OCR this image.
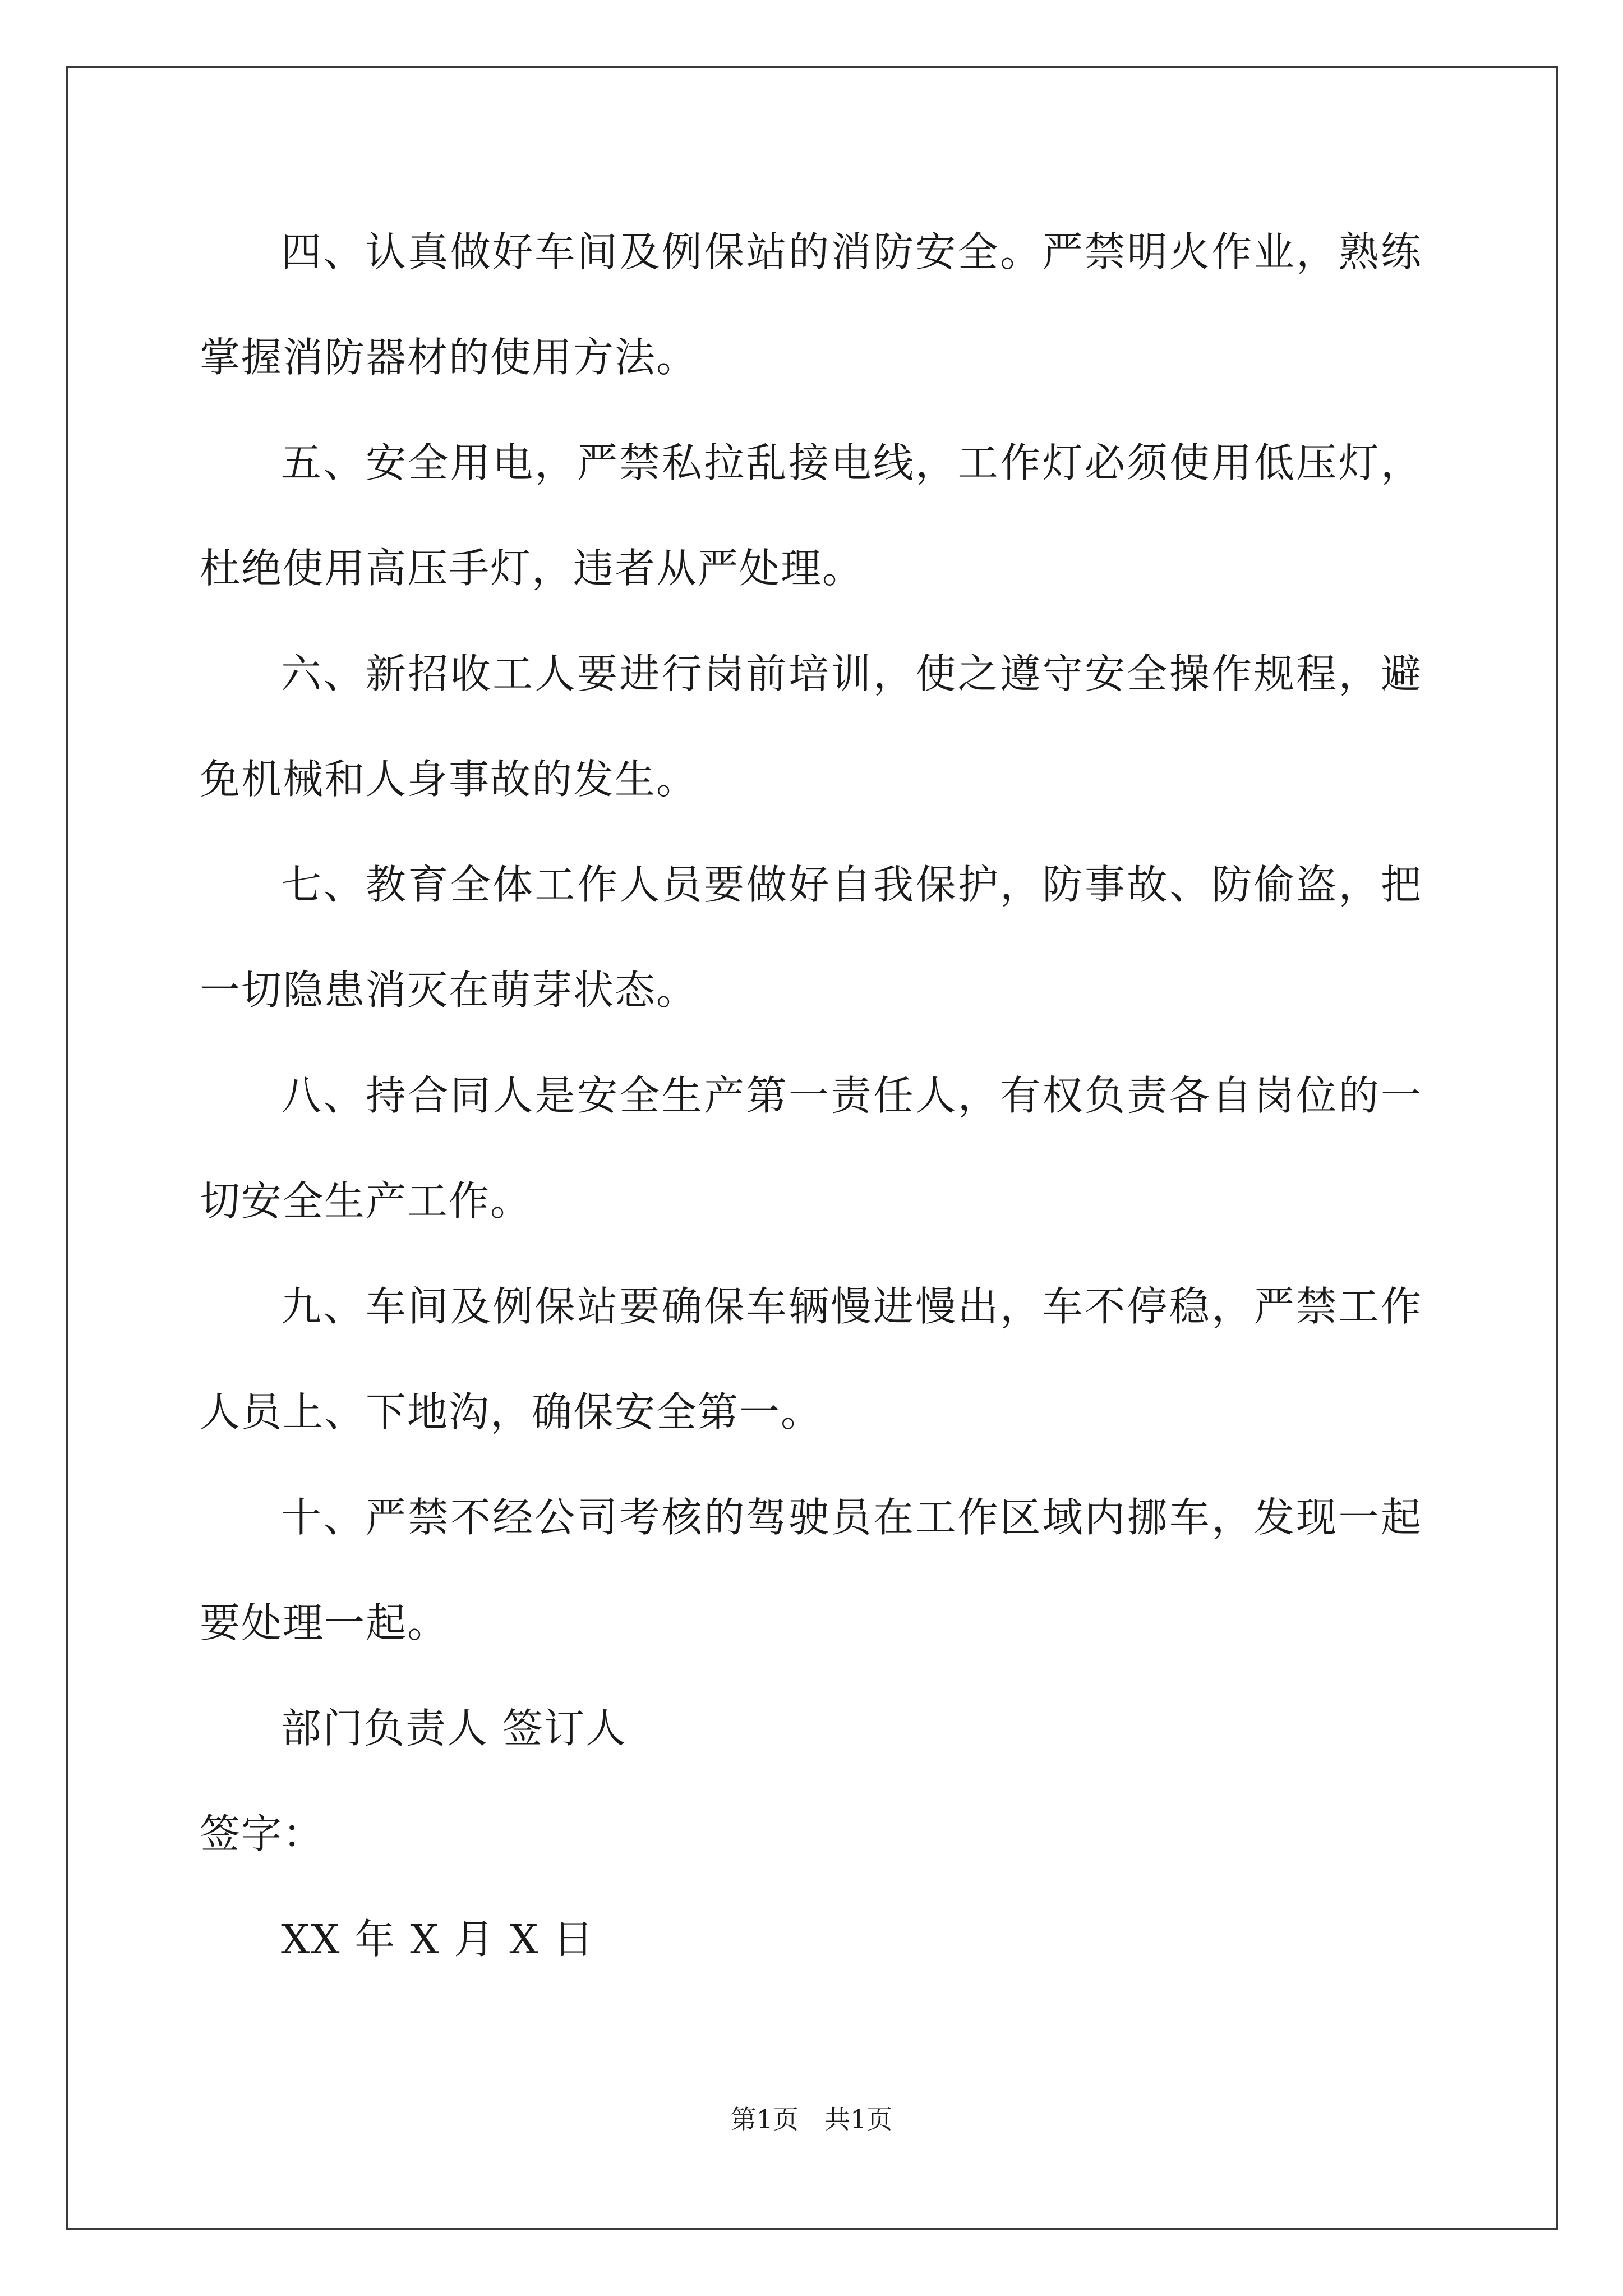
四、认真做好车间及例保站的消防安全。严禁明火作业，熟练掌握消防器材的使用方法。

五、安全用电，严禁私拉乱接电线，工作灯必须使用低压灯，杜绝使用高压手灯，违者从严处理。

六、新招收工人要进行岗前培训，使之遵守安全操作规程，避免机械和人身事故的发生。

七、教育全体工作人员要做好自我保护，防事故、防偷盗，把一切隐患消灭在萌芽状态。

八、持合同人是安全生产第一责任人，有权负责各自岗位的一切安全生产工作。

九、车间及例保站要确保车辆慢进慢出，车不停稳，严禁工作人员上、下地沟，确保安全第一。

十、严禁不经公司考核的驾驶员在工作区域内挪车，发现一起要处理一起。

部门负责人 签订人

签字：

XX 年 X 月 X 日

第1页　共1页
